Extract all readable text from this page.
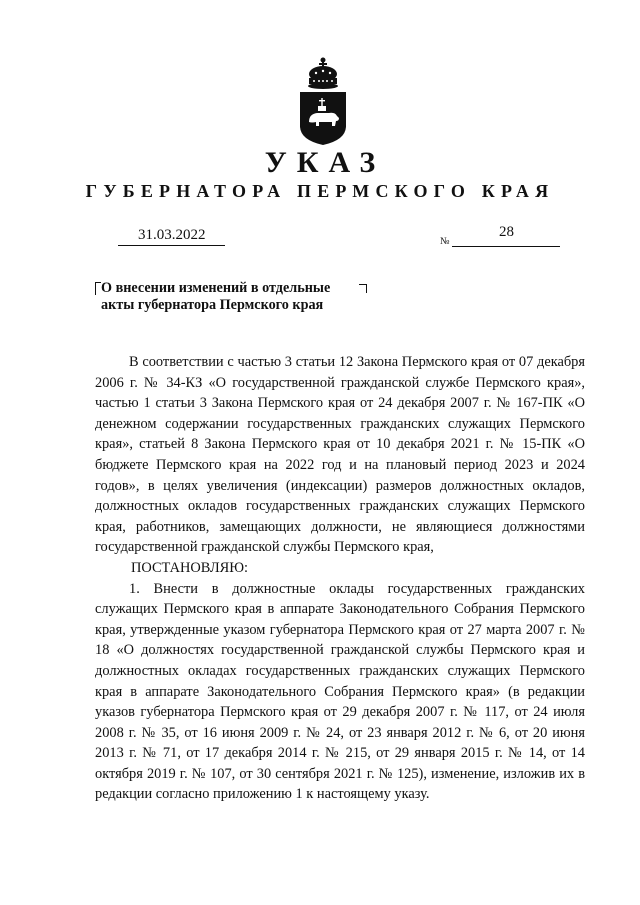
УКАЗ
ГУБЕРНАТОРА ПЕРМСКОГО КРАЯ
31.03.2022	№
28
О внесении изменений в отдельные
акты губернатора Пермского края

В соответствии с частью 3 статьи 12 Закона Пермского края от 07 декабря 2006 г. № 34-КЗ «О государственной гражданской службе Пермского края», частью 1 статьи 3 Закона Пермского края от 24 декабря 2007 г. № 167-ПК «О денежном содержании государственных гражданских служащих Пермского края», статьей 8 Закона Пермского края от 10 декабря 2021 г. № 15-ПК «О бюджете Пермского края на 2022 год и на плановый период 2023 и 2024 годов», в целях увеличения (индексации) размеров должностных окладов, должностных окладов государственных гражданских служащих Пермского края, работников, замещающих должности, не являющиеся должностями государственной гражданской службы Пермского края,

ПОСТАНОВЛЯЮ:

1. Внести в должностные оклады государственных гражданских служащих Пермского края в аппарате Законодательного Собрания Пермского края, утвержденные указом губернатора Пермского края от 27 марта 2007 г. № 18 «О должностях государственной гражданской службы Пермского края и должностных окладах государственных гражданских служащих Пермского края в аппарате Законодательного Собрания Пермского края» (в редакции указов губернатора Пермского края от 29 декабря 2007 г. № 117, от 24 июля 2008 г. № 35, от 16 июня 2009 г. № 24, от 23 января 2012 г. № 6, от 20 июня 2013 г. № 71, от 17 декабря 2014 г. № 215, от 29 января 2015 г. № 14, от 14 октября 2019 г. № 107, от 30 сентября 2021 г. № 125), изменение, изложив их в редакции согласно приложению 1 к настоящему указу.
